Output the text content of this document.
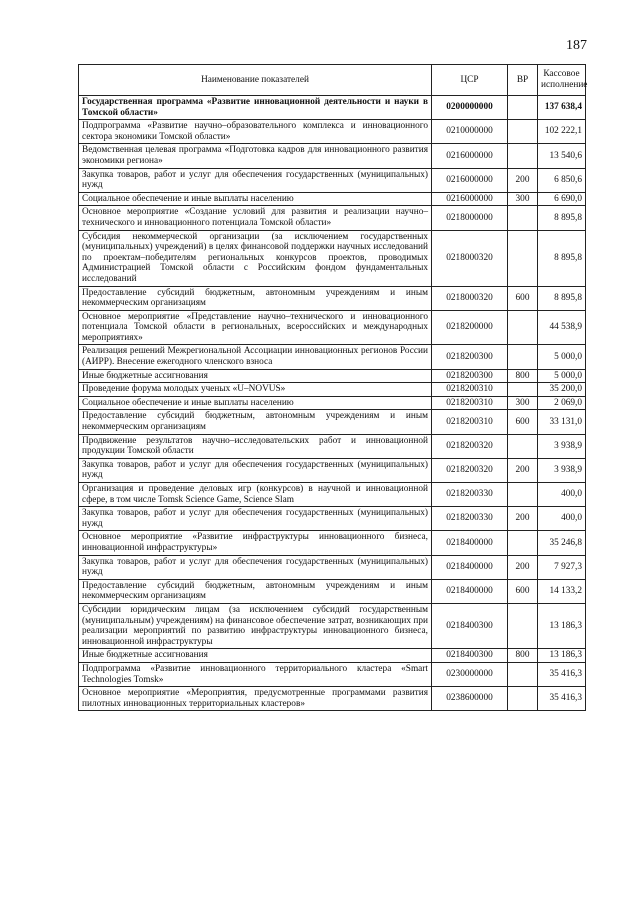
187
Наименование показателей	ЦСР	ВР	Кассовое исполнение
Государственная программа «Развитие инновационной деятельности и науки в Томской области»	0200000000		137 638,4
Подпрограмма «Развитие научно–образовательного комплекса и инновационного сектора экономики Томской области»	0210000000		102 222,1
Ведомственная целевая программа «Подготовка кадров для инновационного развития экономики региона»	0216000000		13 540,6
Закупка товаров, работ и услуг для обеспечения государственных (муниципальных) нужд	0216000000	200	6 850,6
Социальное обеспечение и иные выплаты населению	0216000000	300	6 690,0
Основное мероприятие «Создание условий для развития и реализации научно–технического и инновационного потенциала Томской области»	0218000000		8 895,8
Субсидия некоммерческой организации (за исключением государственных (муниципальных) учреждений) в целях финансовой поддержки научных исследований по проектам–победителям региональных конкурсов проектов, проводимых Администрацией Томской области с Российским фондом фундаментальных исследований	0218000320		8 895,8
Предоставление субсидий бюджетным, автономным учреждениям и иным некоммерческим организациям	0218000320	600	8 895,8
Основное мероприятие «Представление научно–технического и инновационного потенциала Томской области в региональных, всероссийских и международных мероприятиях»	0218200000		44 538,9
Реализация решений Межрегиональной Ассоциации инновационных регионов России (АИРР). Внесение ежегодного членского взноса	0218200300		5 000,0
Иные бюджетные ассигнования	0218200300	800	5 000,0
Проведение форума молодых ученых «U–NOVUS»	0218200310		35 200,0
Социальное обеспечение и иные выплаты населению	0218200310	300	2 069,0
Предоставление субсидий бюджетным, автономным учреждениям и иным некоммерческим организациям	0218200310	600	33 131,0
Продвижение результатов научно–исследовательских работ и инновационной продукции Томской области	0218200320		3 938,9
Закупка товаров, работ и услуг для обеспечения государственных (муниципальных) нужд	0218200320	200	3 938,9
Организация и проведение деловых игр (конкурсов) в научной и инновационной сфере, в том числе Tomsk Science Game, Science Slam	0218200330		400,0
Закупка товаров, работ и услуг для обеспечения государственных (муниципальных) нужд	0218200330	200	400,0
Основное мероприятие «Развитие инфраструктуры инновационного бизнеса, инновационной инфраструктуры»	0218400000		35 246,8
Закупка товаров, работ и услуг для обеспечения государственных (муниципальных) нужд	0218400000	200	7 927,3
Предоставление субсидий бюджетным, автономным учреждениям и иным некоммерческим организациям	0218400000	600	14 133,2
Субсидии юридическим лицам (за исключением субсидий государственным (муниципальным) учреждениям) на финансовое обеспечение затрат, возникающих при реализации мероприятий по развитию инфраструктуры инновационного бизнеса, инновационной инфраструктуры	0218400300		13 186,3
Иные бюджетные ассигнования	0218400300	800	13 186,3
Подпрограмма «Развитие инновационного территориального кластера «Smart Technologies Tomsk»	0230000000		35 416,3
Основное мероприятие «Мероприятия, предусмотренные программами развития пилотных инновационных территориальных кластеров»	0238600000		35 416,3
